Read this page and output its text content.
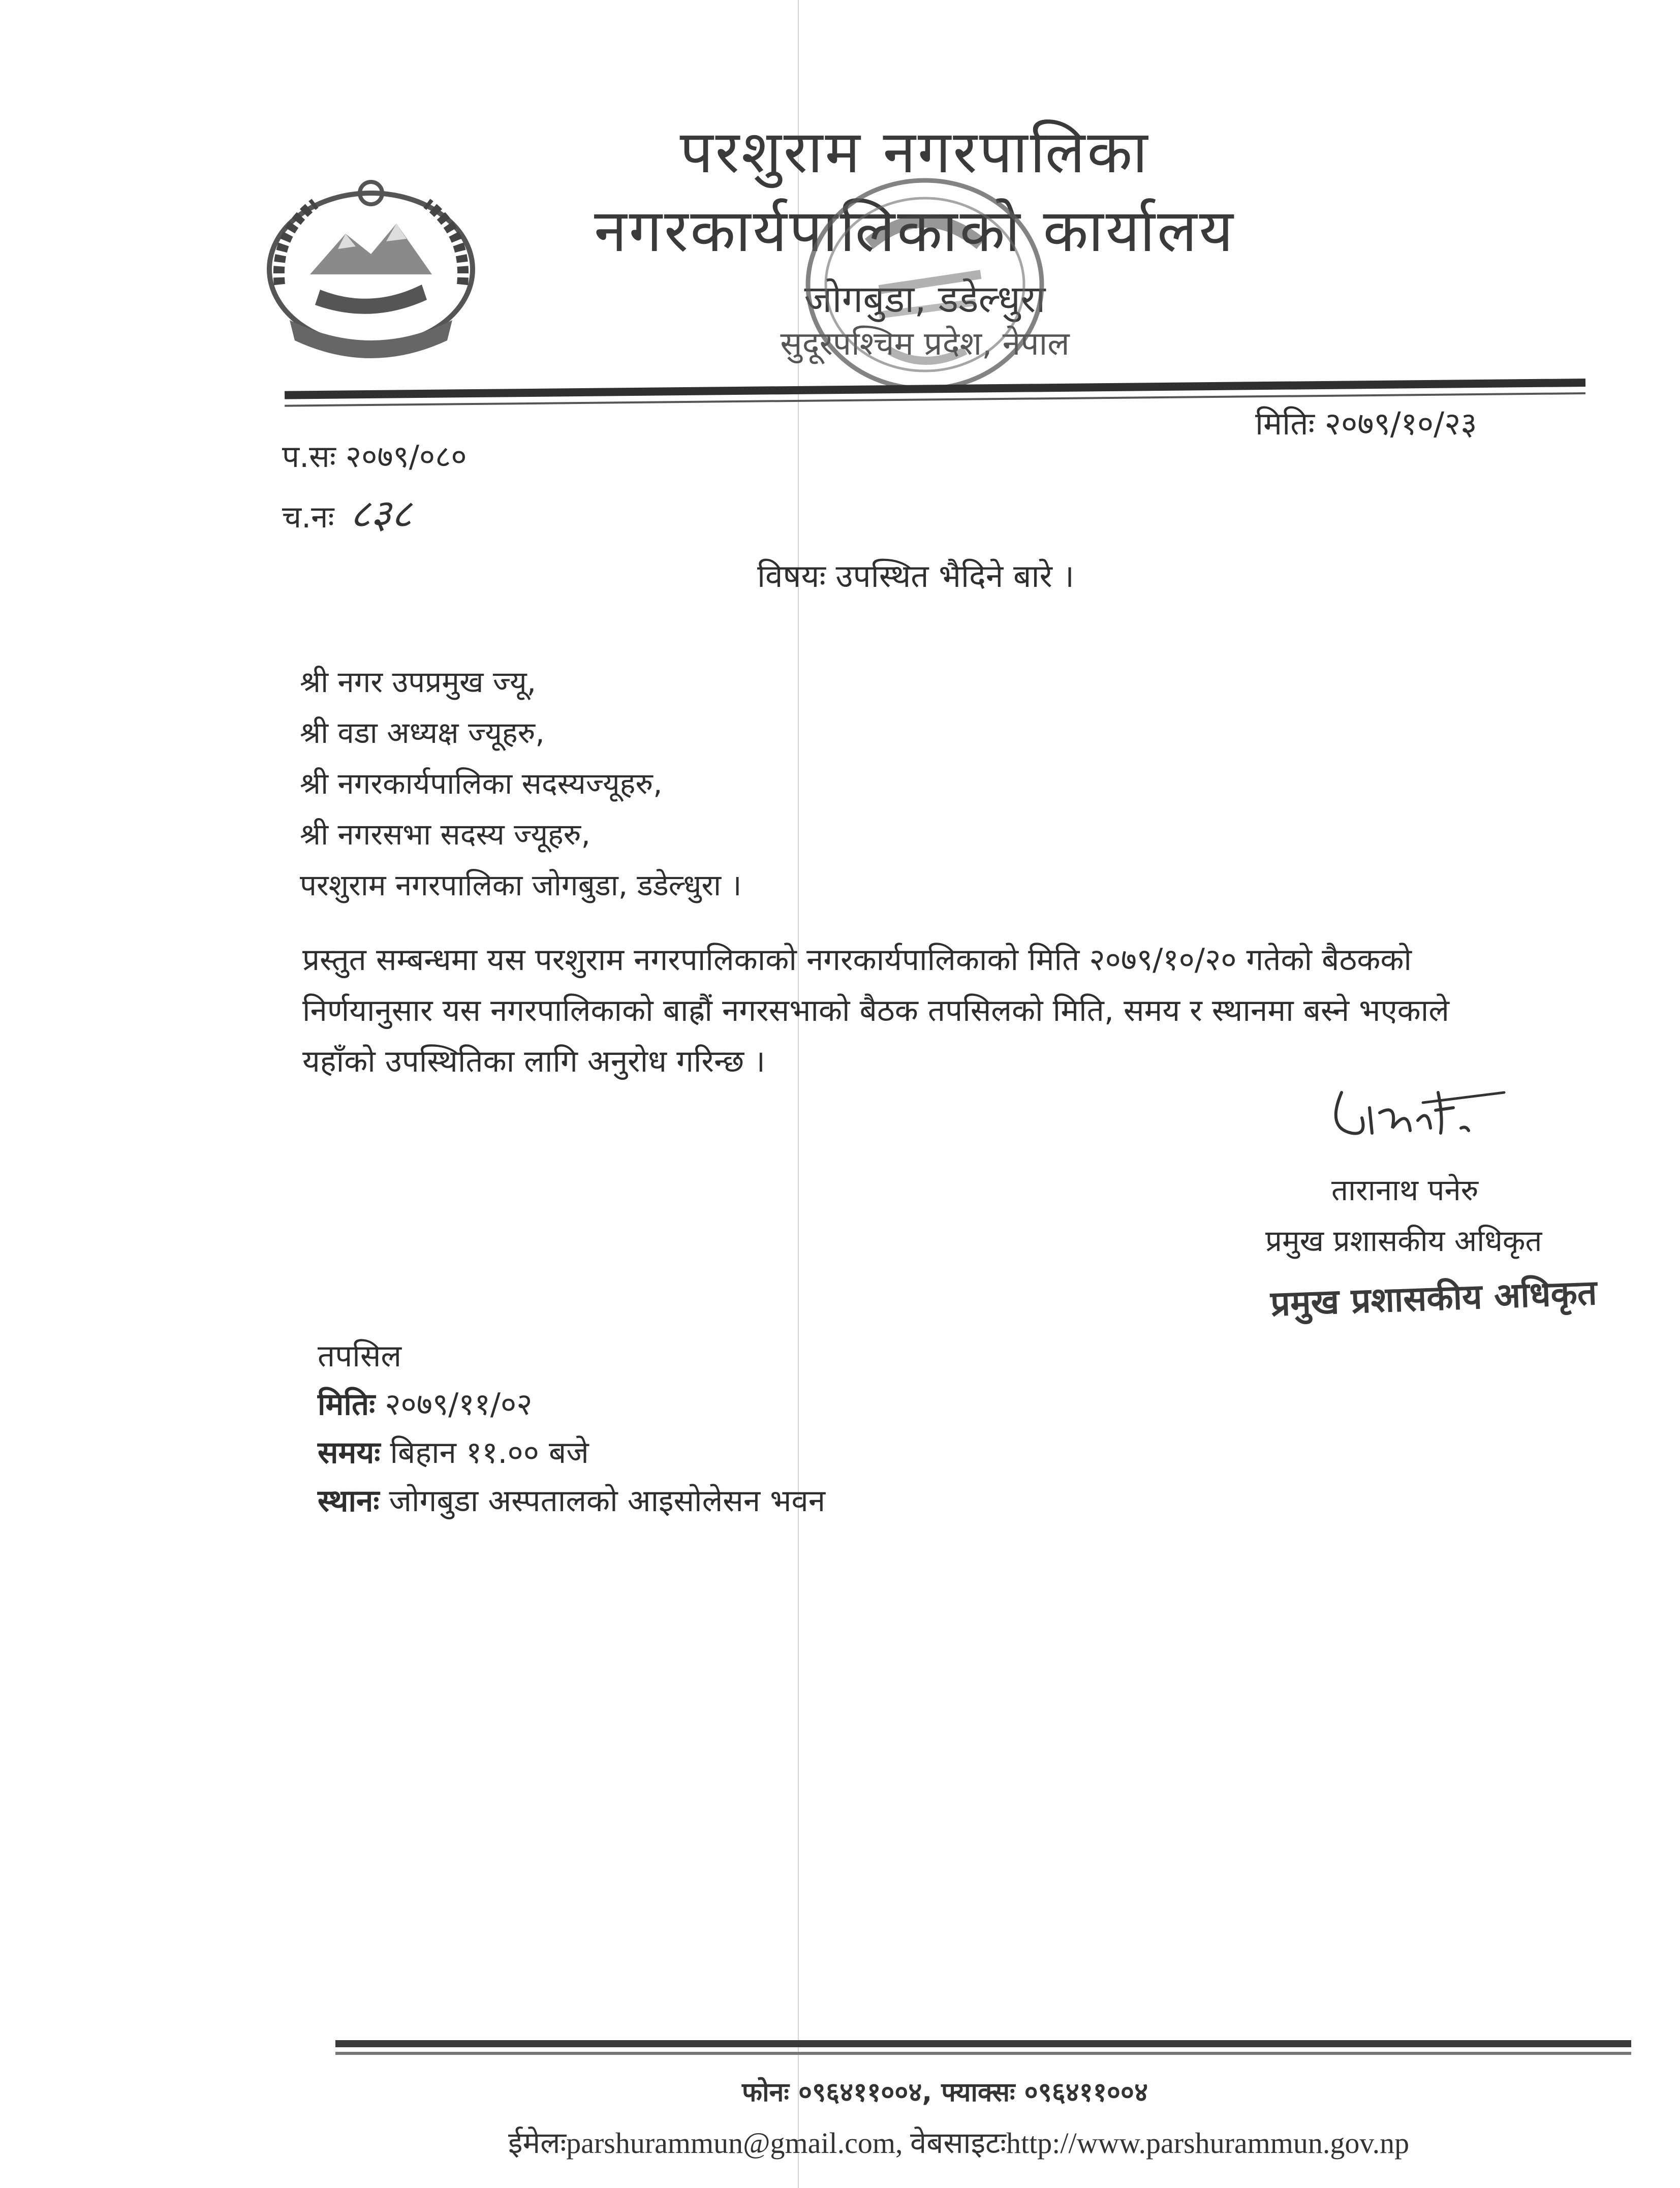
परशुराम नगरपालिका
नगरकार्यपालिकाको कार्यालय
जोगबुडा, डडेल्धुरा
सुदूरपश्चिम प्रदेश, नेपाल
मितिः २०७९/१०/२३
प.सः २०७९/०८०
च.नः ८३८
विषयः उपस्थित भैदिने बारे ।
श्री नगर उपप्रमुख ज्यू,
श्री वडा अध्यक्ष ज्यूहरु,
श्री नगरकार्यपालिका सदस्यज्यूहरु,
श्री नगरसभा सदस्य ज्यूहरु,
परशुराम नगरपालिका जोगबुडा, डडेल्धुरा ।
प्रस्तुत सम्बन्धमा यस परशुराम नगरपालिकाको नगरकार्यपालिकाको मिति २०७९/१०/२० गतेको बैठकको
निर्णयानुसार यस नगरपालिकाको बाह्रौं नगरसभाको बैठक तपसिलको मिति, समय र स्थानमा बस्ने भएकाले
यहाँको उपस्थितिका लागि अनुरोध गरिन्छ ।
तारानाथ पनेरु
प्रमुख प्रशासकीय अधिकृत
प्रमुख प्रशासकीय अधिकृत
तपसिल
मितिः २०७९/११/०२
समयः बिहान ११.०० बजे
स्थानः जोगबुडा अस्पतालको आइसोलेसन भवन
फोनः ०९६४११००४, फ्याक्सः ०९६४११००४
ईमेलःparshurammun@gmail.com, वेबसाइटःhttp://www.parshurammun.gov.np
